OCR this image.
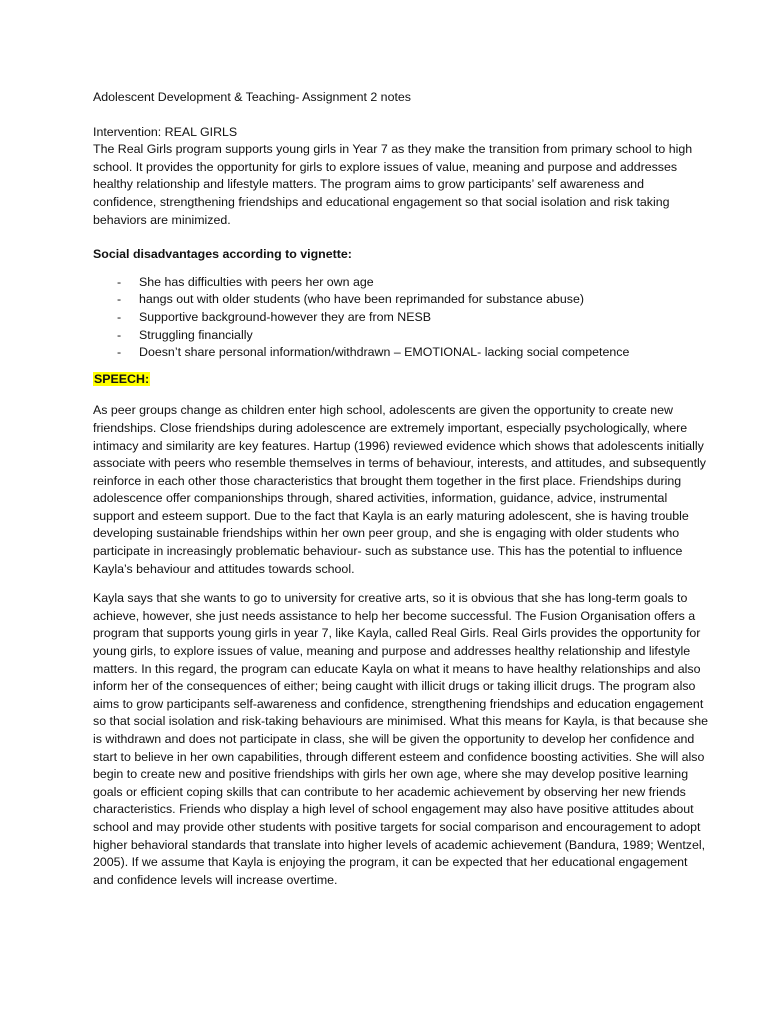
Adolescent Development & Teaching- Assignment 2 notes
Intervention: REAL GIRLS
The Real Girls program supports young girls in Year 7 as they make the transition from primary school to high school. It provides the opportunity for girls to explore issues of value, meaning and purpose and addresses healthy relationship and lifestyle matters. The program aims to grow participants’ self awareness and confidence, strengthening friendships and educational engagement so that social isolation and risk taking behaviors are minimized.
Social disadvantages according to vignette:
- She has difficulties with peers her own age
- hangs out with older students (who have been reprimanded for substance abuse)
- Supportive background-however they are from NESB
- Struggling financially
- Doesn’t share personal information/withdrawn – EMOTIONAL- lacking social competence
SPEECH:

As peer groups change as children enter high school, adolescents are given the opportunity to create new friendships. Close friendships during adolescence are extremely important, especially psychologically, where intimacy and similarity are key features. Hartup (1996) reviewed evidence which shows that adolescents initially associate with peers who resemble themselves in terms of behaviour, interests, and attitudes, and subsequently reinforce in each other those characteristics that brought them together in the first place. Friendships during adolescence offer companionships through, shared activities, information, guidance, advice, instrumental support and esteem support. Due to the fact that Kayla is an early maturing adolescent, she is having trouble developing sustainable friendships within her own peer group, and she is engaging with older students who participate in increasingly problematic behaviour- such as substance use. This has the potential to influence Kayla’s behaviour and attitudes towards school.

Kayla says that she wants to go to university for creative arts, so it is obvious that she has long-term goals to achieve, however, she just needs assistance to help her become successful. The Fusion Organisation offers a program that supports young girls in year 7, like Kayla, called Real Girls. Real Girls provides the opportunity for young girls, to explore issues of value, meaning and purpose and addresses healthy relationship and lifestyle matters. In this regard, the program can educate Kayla on what it means to have healthy relationships and also inform her of the consequences of either; being caught with illicit drugs or taking illicit drugs. The program also aims to grow participants self-awareness and confidence, strengthening friendships and education engagement so that social isolation and risk-taking behaviours are minimised. What this means for Kayla, is that because she is withdrawn and does not participate in class, she will be given the opportunity to develop her confidence and start to believe in her own capabilities, through different esteem and confidence boosting activities. She will also begin to create new and positive friendships with girls her own age, where she may develop positive learning goals or efficient coping skills that can contribute to her academic achievement by observing her new friends characteristics. Friends who display a high level of school engagement may also have positive attitudes about school and may provide other students with positive targets for social comparison and encouragement to adopt higher behavioral standards that translate into higher levels of academic achievement (Bandura, 1989; Wentzel, 2005). If we assume that Kayla is enjoying the program, it can be expected that her educational engagement and confidence levels will increase overtime.
